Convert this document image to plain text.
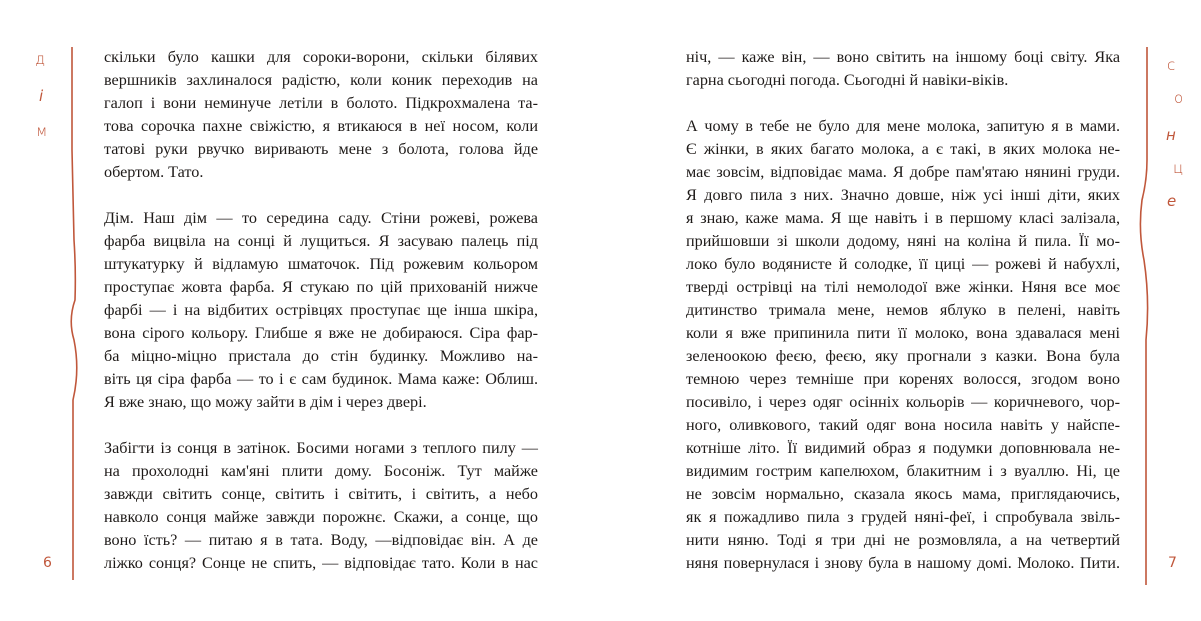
д
і
м
6
скільки було кашки для сороки-ворони, скільки білявих
вершників захлиналося радістю, коли коник переходив на
галоп і вони неминуче летіли в болото. Підкрохмалена та-
това сорочка пахне свіжістю, я втикаюся в неї носом, коли
татові руки рвучко виривають мене з болота, голова йде
обертом. Тато.
Дім. Наш дім — то середина саду. Стіни рожеві, рожева
фарба вицвіла на сонці й лущиться. Я засуваю палець під
штукатурку й відламую шматочок. Під рожевим кольором
проступає жовта фарба. Я стукаю по цій прихованій нижче
фарбі — і на відбитих острівцях проступає ще інша шкіра,
вона сірого кольору. Глибше я вже не добираюся. Сіра фар-
ба міцно-міцно пристала до стін будинку. Можливо на-
віть ця сіра фарба — то і є сам будинок. Мама каже: Облиш.
Я вже знаю, що можу зайти в дім і через двері.
Забігти із сонця в затінок. Босими ногами з теплого пилу —
на прохолодні кам'яні плити дому. Босоніж. Тут майже
завжди світить сонце, світить і світить, і світить, а небо
навколо сонця майже завжди порожнє. Скажи, а сонце, що
воно їсть? — питаю я в тата. Воду, —відповідає він. А де
ліжко сонця? Сонце не спить, — відповідає тато. Коли в нас
ніч, — каже він, — воно світить на іншому боці світу. Яка
гарна сьогодні погода. Сьогодні й навіки-віків.
А чому в тебе не було для мене молока, запитую я в мами.
Є жінки, в яких багато молока, а є такі, в яких молока не-
має зовсім, відповідає мама. Я добре пам'ятаю нянині груди.
Я довго пила з них. Значно довше, ніж усі інші діти, яких
я знаю, каже мама. Я ще навіть і в першому класі залізала,
прийшовши зі школи додому, няні на коліна й пила. Її мо-
локо було водянисте й солодке, її циці — рожеві й набухлі,
тверді острівці на тілі немолодої вже жінки. Няня все моє
дитинство тримала мене, немов яблуко в пелені, навіть
коли я вже припинила пити її молоко, вона здавалася мені
зеленоокою феєю, феєю, яку прогнали з казки. Вона була
темною через темніше при коренях волосся, згодом воно
посивіло, і через одяг осінніх кольорів — коричневого, чор-
ного, оливкового, такий одяг вона носила навіть у найспе-
котніше літо. Її видимий образ я подумки доповнювала не-
видимим гострим капелюхом, блакитним і з вуаллю. Ні, це
не зовсім нормально, сказала якось мама, приглядаючись,
як я пожадливо пила з грудей няні-феї, і спробувала звіль-
нити няню. Тоді я три дні не розмовляла, а на четвертий
няня повернулася і знову була в нашому домі. Молоко. Пити.
с
о
н
ц
е
7
